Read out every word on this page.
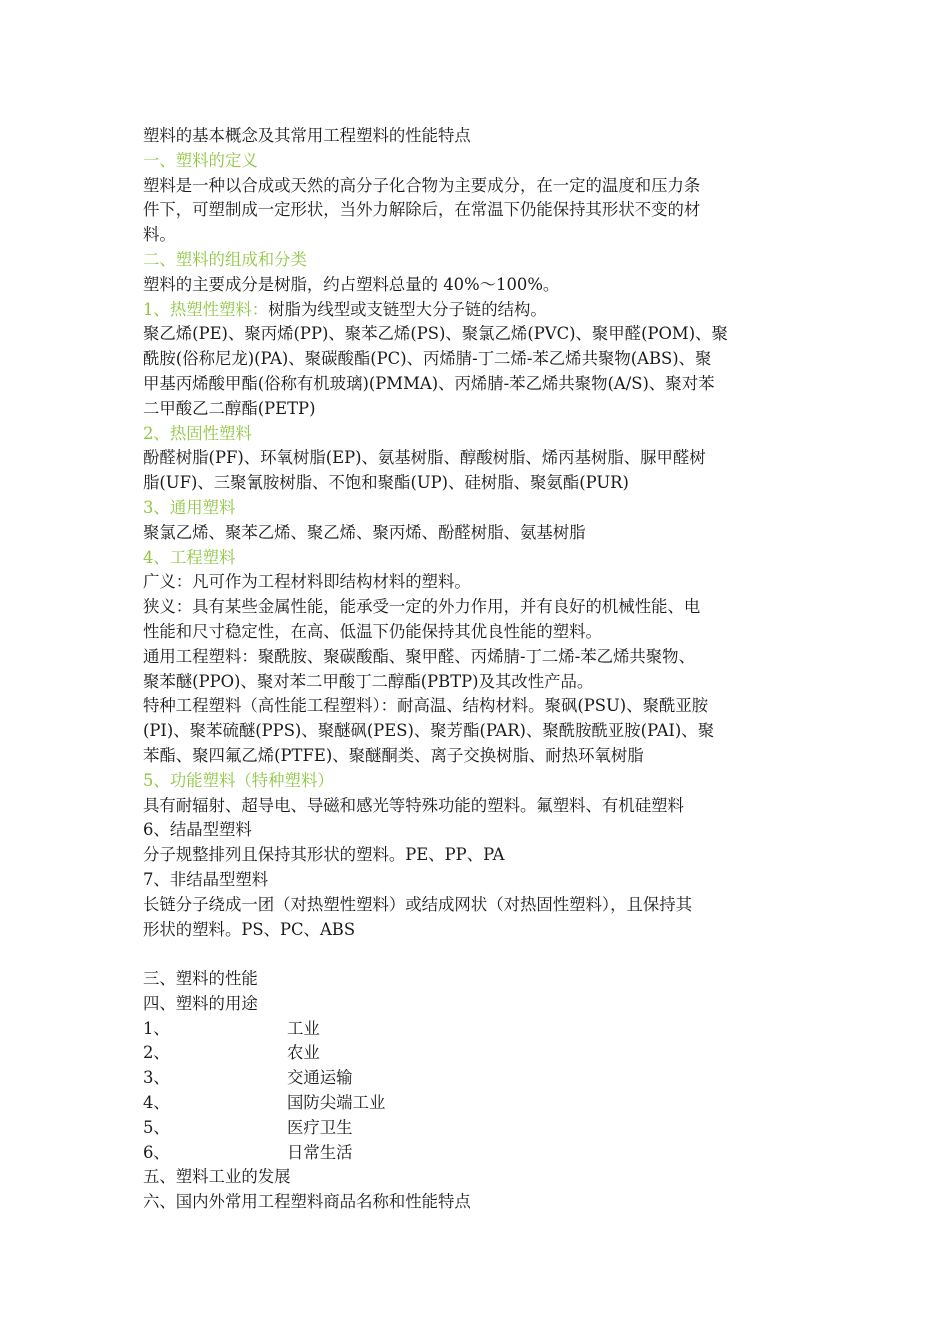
塑料的基本概念及其常用工程塑料的性能特点

一、塑料的定义

塑料是一种以合成或天然的高分子化合物为主要成分，在一定的温度和压力条

件下，可塑制成一定形状，当外力解除后，在常温下仍能保持其形状不变的材

料。

二、塑料的组成和分类

塑料的主要成分是树脂，约占塑料总量的 40%～100%。

1、热塑性塑料：树脂为线型或支链型大分子链的结构。

聚乙烯(PE)、聚丙烯(PP)、聚苯乙烯(PS)、聚氯乙烯(PVC)、聚甲醛(POM)、聚

酰胺(俗称尼龙)(PA)、聚碳酸酯(PC)、丙烯腈-丁二烯-苯乙烯共聚物(ABS)、聚

甲基丙烯酸甲酯(俗称有机玻璃)(PMMA)、丙烯腈-苯乙烯共聚物(A/S)、聚对苯

二甲酸乙二醇酯(PETP)

2、热固性塑料

酚醛树脂(PF)、环氧树脂(EP)、氨基树脂、醇酸树脂、烯丙基树脂、脲甲醛树

脂(UF)、三聚氰胺树脂、不饱和聚酯(UP)、硅树脂、聚氨酯(PUR)

3、通用塑料

聚氯乙烯、聚苯乙烯、聚乙烯、聚丙烯、酚醛树脂、氨基树脂

4、工程塑料

广义：凡可作为工程材料即结构材料的塑料。

狭义：具有某些金属性能，能承受一定的外力作用，并有良好的机械性能、电

性能和尺寸稳定性，在高、低温下仍能保持其优良性能的塑料。

通用工程塑料：聚酰胺、聚碳酸酯、聚甲醛、丙烯腈-丁二烯-苯乙烯共聚物、

聚苯醚(PPO)、聚对苯二甲酸丁二醇酯(PBTP)及其改性产品。

特种工程塑料（高性能工程塑料）：耐高温、结构材料。聚砜(PSU)、聚酰亚胺

(PI)、聚苯硫醚(PPS)、聚醚砜(PES)、聚芳酯(PAR)、聚酰胺酰亚胺(PAI)、聚

苯酯、聚四氟乙烯(PTFE)、聚醚酮类、离子交换树脂、耐热环氧树脂

5、功能塑料（特种塑料）

具有耐辐射、超导电、导磁和感光等特殊功能的塑料。氟塑料、有机硅塑料

6、结晶型塑料

分子规整排列且保持其形状的塑料。PE、PP、PA

7、非结晶型塑料

长链分子绕成一团（对热塑性塑料）或结成网状（对热固性塑料），且保持其

形状的塑料。PS、PC、ABS

三、塑料的性能

四、塑料的用途

1、	工业
2、	农业
3、	交通运输
4、	国防尖端工业
5、	医疗卫生
6、	日常生活

五、塑料工业的发展

六、国内外常用工程塑料商品名称和性能特点
